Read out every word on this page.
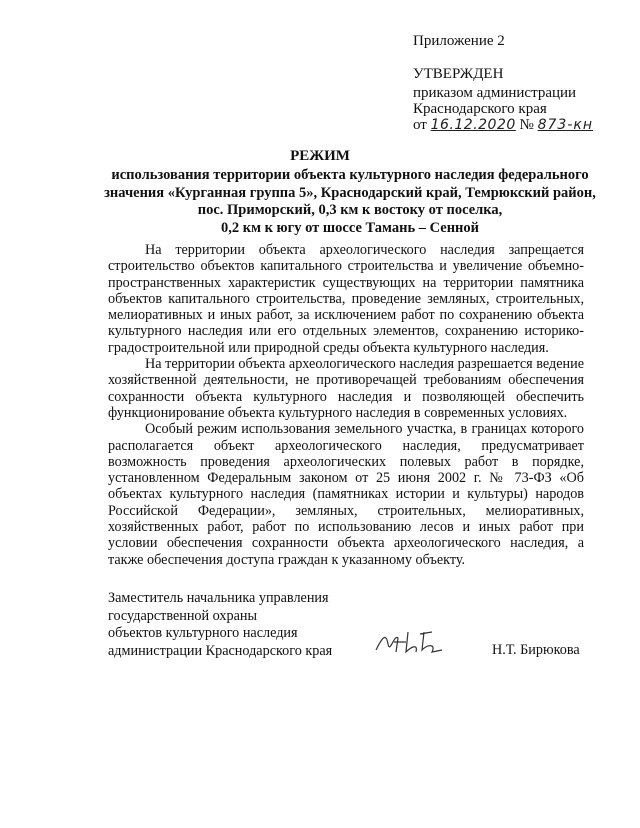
Приложение 2
УТВЕРЖДЕН
приказом администрации
Краснодарского края
от 16.12.2020 № 873-кн
РЕЖИМ
использования территории объекта культурного наследия федерального
значения «Курганная группа 5», Краснодарский край, Темрюкский район,
пос. Приморский, 0,3 км к востоку от поселка,
0,2 км к югу от шоссе Тамань – Сенной

На территории объекта археологического наследия запрещается строительство объектов капитального строительства и увеличение объемно-пространственных характеристик существующих на территории памятника объектов капитального строительства, проведение земляных, строительных, мелиоративных и иных работ, за исключением работ по сохранению объекта культурного наследия или его отдельных элементов, сохранению историко-градостроительной или природной среды объекта культурного наследия.

На территории объекта археологического наследия разрешается ведение хозяйственной деятельности, не противоречащей требованиям обеспечения сохранности объекта культурного наследия и позволяющей обеспечить функционирование объекта культурного наследия в современных условиях.

Особый режим использования земельного участка, в границах которого располагается объект археологического наследия, предусматривает возможность проведения археологических полевых работ в порядке, установленном Федеральным законом от 25 июня 2002 г. № 73-ФЗ «Об объектах культурного наследия (памятниках истории и культуры) народов Российской Федерации», земляных, строительных, мелиоративных, хозяйственных работ, работ по использованию лесов и иных работ при условии обеспечения сохранности объекта археологического наследия, а также обеспечения доступа граждан к указанному объекту.

Заместитель начальника управления
государственной охраны
объектов культурного наследия
администрации Краснодарского края	Н.Т. Бирюкова
